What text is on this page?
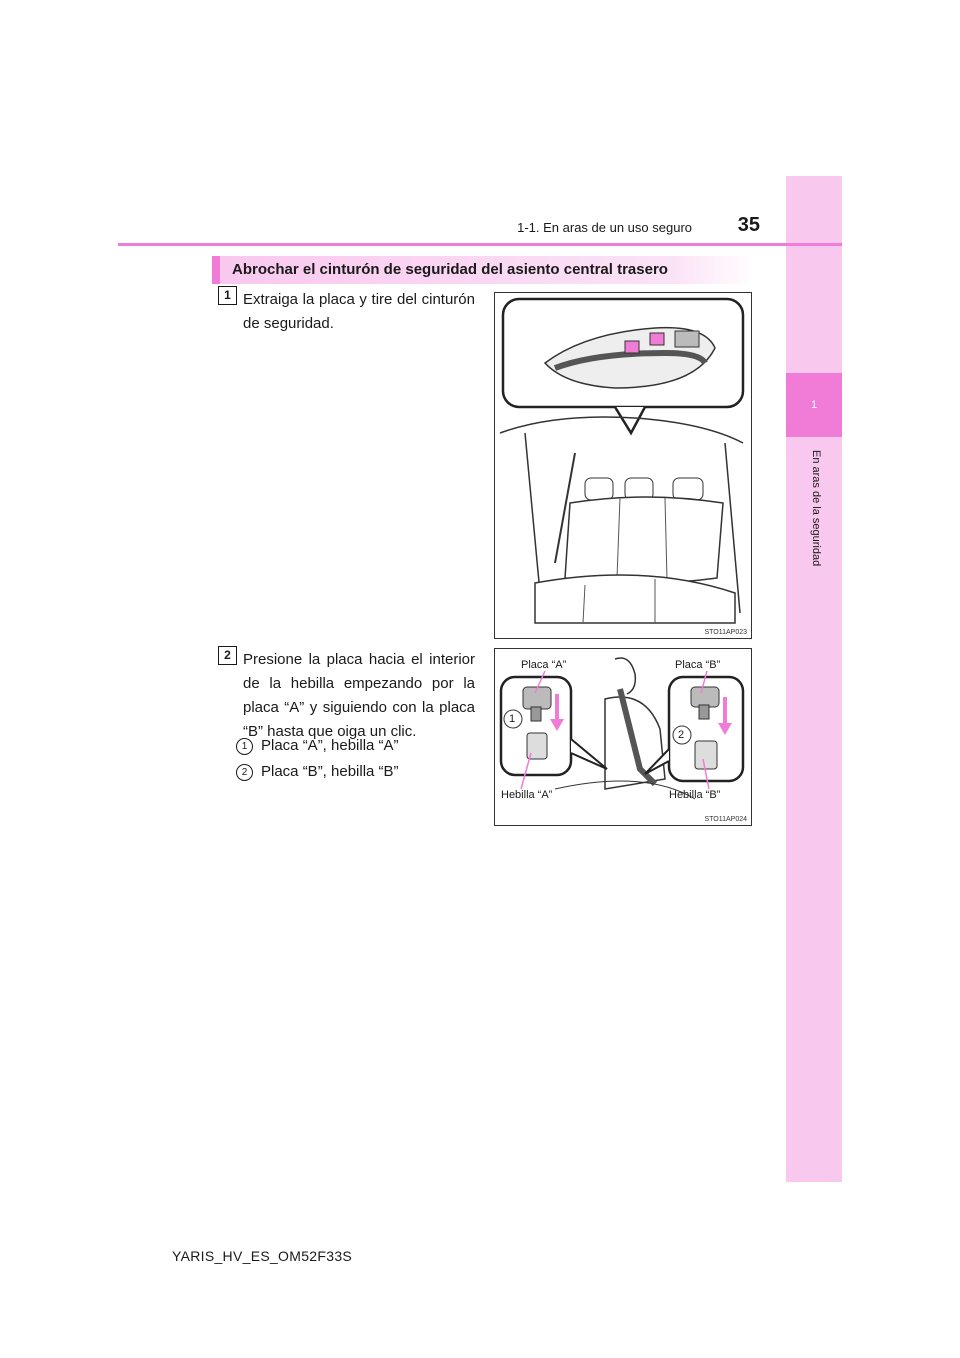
1
En aras de la seguridad
1-1. En aras de un uso seguro	35
Abrochar el cinturón de seguridad del asiento central trasero
1 Extraiga la placa y tire del cinturón de seguridad.
STO11AP023
2 Presione la placa hacia el interior de la hebilla empezando por la placa “A” y siguiendo con la placa “B” hasta que oiga un clic.
1 Placa “A”, hebilla “A”
2 Placa “B”, hebilla “B”
Placa “A”	Placa “B”
Hebilla “A”	Hebilla “B”
1
2
STO11AP024
YARIS_HV_ES_OM52F33S
